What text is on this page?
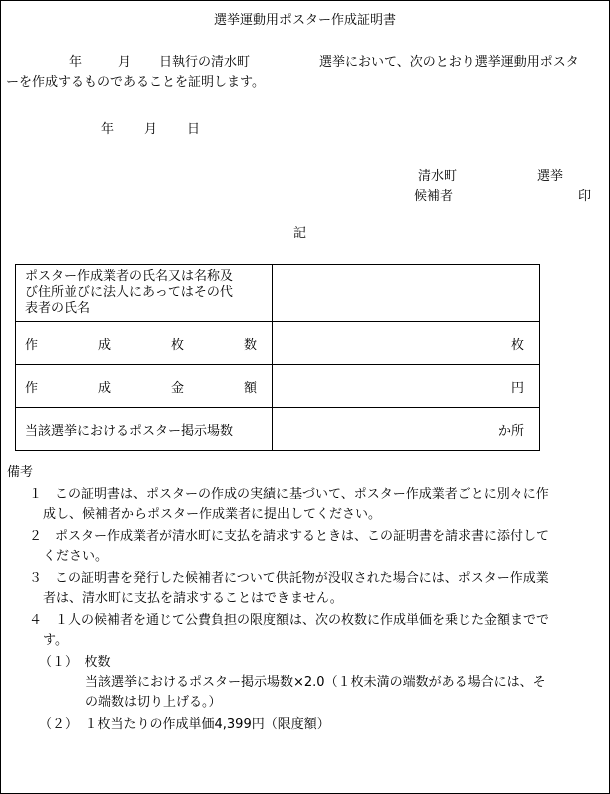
選挙運動用ポスター作成証明書
年	月 日執行の清水町	選挙において、次のとおり選挙運動用ポスタ
ーを作成するものであることを証明します。
年 月 日
清水町	選挙
候補者	印
記
ポスター作成業者の氏名又は名称及
び住所並びに法人にあってはその代
表者の氏名	

作 成 枚 数	枚

作 成 金 額	円
当該選挙におけるポスター掲示場数	か所
備考
１　この証明書は、ポスターの作成の実績に基づいて、ポスター作成業者ごとに別々に作
成し、候補者からポスター作成業者に提出してください。
２　ポスター作成業者が清水町に支払を請求するときは、この証明書を請求書に添付して
ください。
３　この証明書を発行した候補者について供託物が没収された場合には、ポスター作成業
者は、清水町に支払を請求することはできません。
４　１人の候補者を通じて公費負担の限度額は、次の枚数に作成単価を乗じた金額までで
す。
（１）　枚数
当該選挙におけるポスター掲示場数×2.0（１枚未満の端数がある場合には、そ
の端数は切り上げる。）
（２）　１枚当たりの作成単価4,399円（限度額）
